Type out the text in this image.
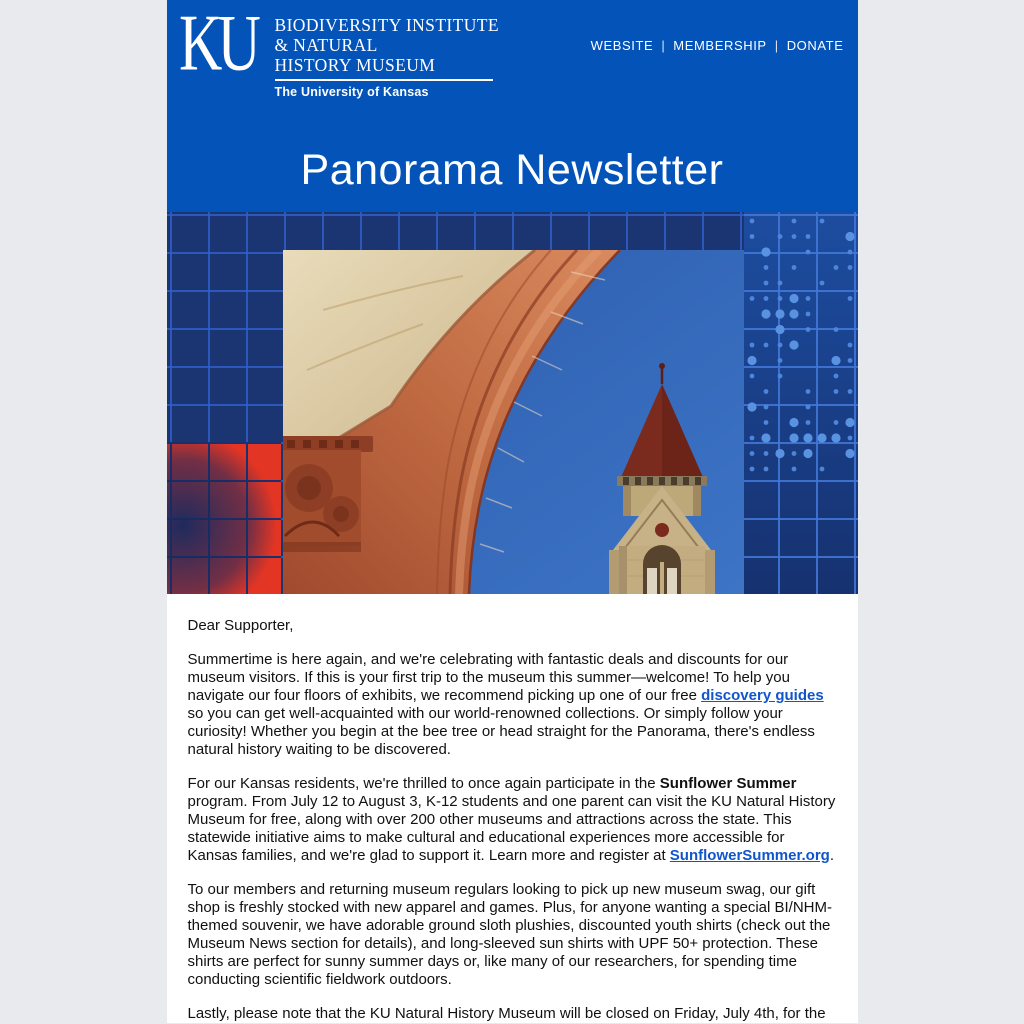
KU BIODIVERSITY INSTITUTE
& NATURAL
HISTORY MUSEUM
The University of Kansas
WEBSITE | MEMBERSHIP | DONATE
Panorama Newsletter

Dear Supporter,

Summertime is here again, and we're celebrating with fantastic deals and discounts for our museum visitors. If this is your first trip to the museum this summer—welcome! To help you navigate our four floors of exhibits, we recommend picking up one of our free discovery guides so you can get well-acquainted with our world-renowned collections. Or simply follow your curiosity! Whether you begin at the bee tree or head straight for the Panorama, there's endless natural history waiting to be discovered.

For our Kansas residents, we're thrilled to once again participate in the Sunflower Summer program. From July 12 to August 3, K-12 students and one parent can visit the KU Natural History Museum for free, along with over 200 other museums and attractions across the state. This statewide initiative aims to make cultural and educational experiences more accessible for Kansas families, and we're glad to support it. Learn more and register at SunflowerSummer.org.

To our members and returning museum regulars looking to pick up new museum swag, our gift shop is freshly stocked with new apparel and games. Plus, for anyone wanting a special BI/NHM-themed souvenir, we have adorable ground sloth plushies, discounted youth shirts (check out the Museum News section for details), and long-sleeved sun shirts with UPF 50+ protection. These shirts are perfect for sunny summer days or, like many of our researchers, for spending time conducting scientific fieldwork outdoors.

Lastly, please note that the KU Natural History Museum will be closed on Friday, July 4th, for the
